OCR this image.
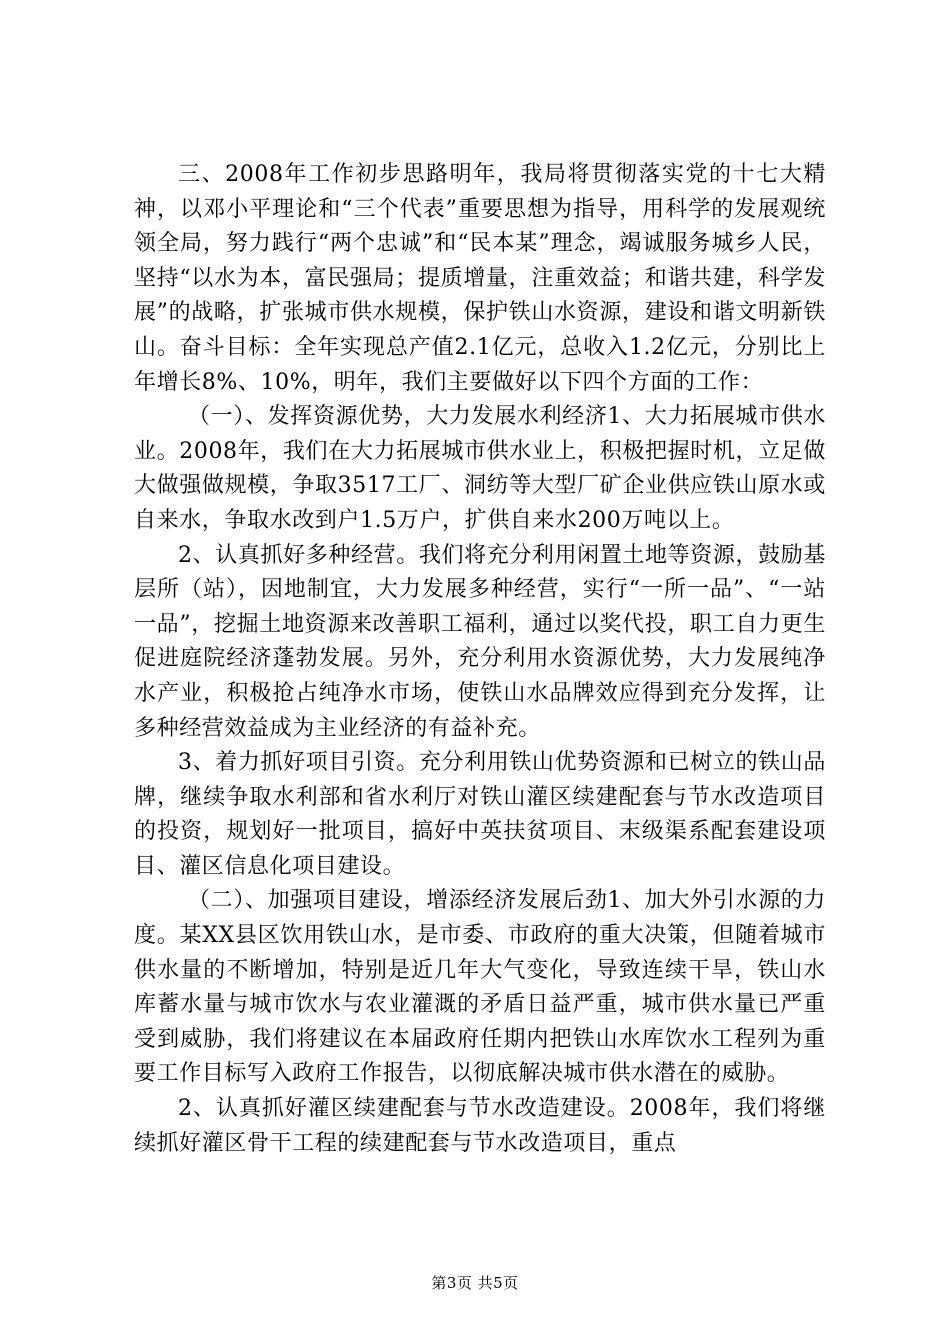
三、2008年工作初步思路明年，我局将贯彻落实党的十七大精神，以邓小平理论和“三个代表”重要思想为指导，用科学的发展观统领全局，努力践行“两个忠诚”和“民本某”理念，竭诚服务城乡人民，坚持“以水为本，富民强局；提质增量，注重效益；和谐共建，科学发展”的战略，扩张城市供水规模，保护铁山水资源，建设和谐文明新铁山。奋斗目标：全年实现总产值2.1亿元，总收入1.2亿元，分别比上年增长8%、10%，明年，我们主要做好以下四个方面的工作：

（一）、发挥资源优势，大力发展水利经济1、大力拓展城市供水业。2008年，我们在大力拓展城市供水业上，积极把握时机，立足做大做强做规模，争取3517工厂、洞纺等大型厂矿企业供应铁山原水或自来水，争取水改到户1.5万户，扩供自来水200万吨以上。

2、认真抓好多种经营。我们将充分利用闲置土地等资源，鼓励基层所（站），因地制宜，大力发展多种经营，实行“一所一品”、“一站一品”，挖掘土地资源来改善职工福利，通过以奖代投，职工自力更生促进庭院经济蓬勃发展。另外，充分利用水资源优势，大力发展纯净水产业，积极抢占纯净水市场，使铁山水品牌效应得到充分发挥，让多种经营效益成为主业经济的有益补充。

3、着力抓好项目引资。充分利用铁山优势资源和已树立的铁山品牌，继续争取水利部和省水利厅对铁山灌区续建配套与节水改造项目的投资，规划好一批项目，搞好中英扶贫项目、末级渠系配套建设项目、灌区信息化项目建设。

（二）、加强项目建设，增添经济发展后劲1、加大外引水源的力度。某XX县区饮用铁山水，是市委、市政府的重大决策，但随着城市供水量的不断增加，特别是近几年大气变化，导致连续干旱，铁山水库蓄水量与城市饮水与农业灌溉的矛盾日益严重，城市供水量已严重受到威胁，我们将建议在本届政府任期内把铁山水库饮水工程列为重要工作目标写入政府工作报告，以彻底解决城市供水潜在的威胁。

2、认真抓好灌区续建配套与节水改造建设。2008年，我们将继续抓好灌区骨干工程的续建配套与节水改造项目，重点

第3页 共5页
